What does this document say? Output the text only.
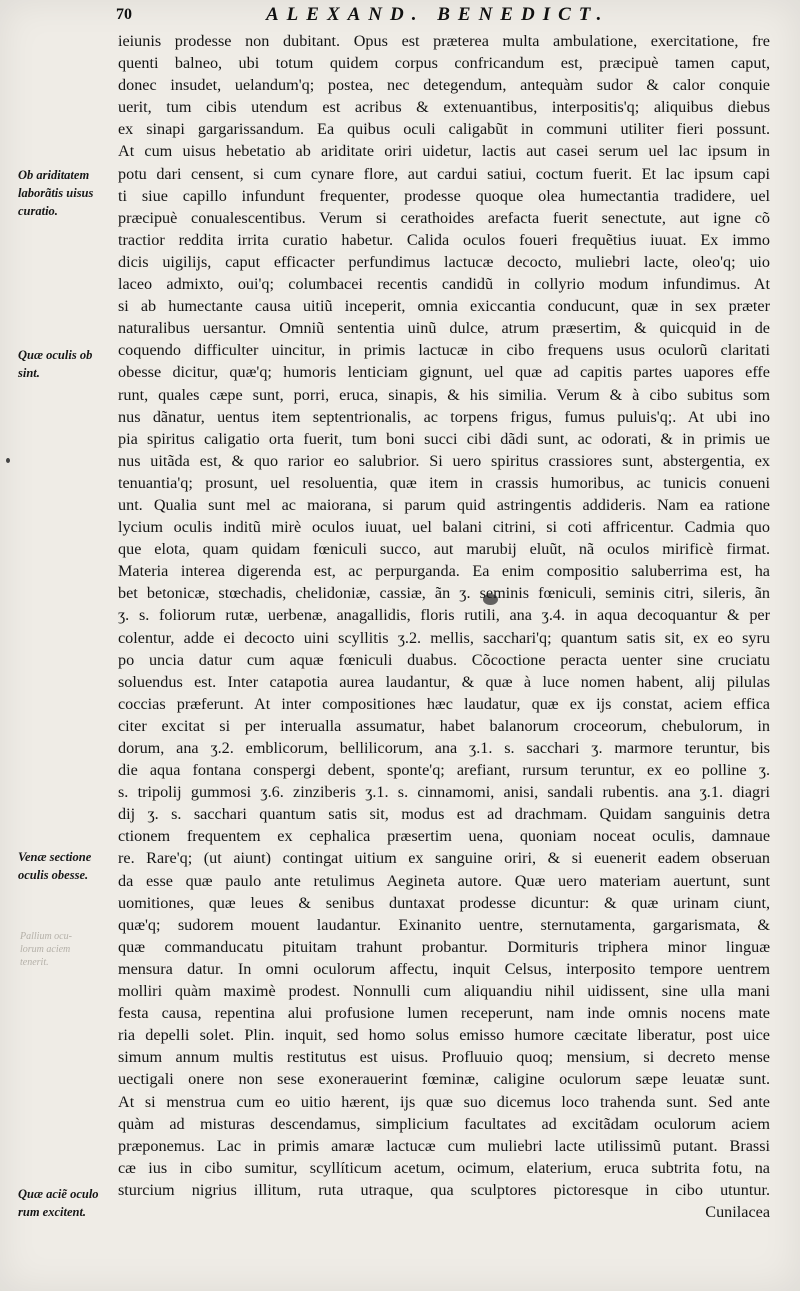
70	ALEXAND. BENEDICT.
Ob ariditatem
laborãtis uisus
curatio.
Quæ oculis ob
sint.
Venæ sectione
oculis obesse.
Quæ aciẽ oculo
rum excitent.
Pallium ocu-
lorum aciem
tenerit.
ieiunis prodesse non dubitant. Opus est præterea multa ambulatione, exercitatione, fre
quenti balneo, ubi totum quidem corpus confricandum est, præcipuè tamen caput,
donec insudet, uelandum'q; postea, nec detegendum, antequàm sudor & calor conquie
uerit, tum cibis utendum est acribus & extenuantibus, interpositis'q; aliquibus diebus
ex sinapi gargarissandum. Ea quibus oculi caligabũt in communi utiliter fieri possunt.
At cum uisus hebetatio ab ariditate oriri uidetur, lactis aut casei serum uel lac ipsum in
potu dari censent, si cum cynare flore, aut cardui satiui, coctum fuerit. Et lac ipsum capi
ti siue capillo infundunt frequenter, prodesse quoque olea humectantia tradidere, uel
præcipuè conualescentibus. Verum si cerathoides arefacta fuerit senectute, aut igne cõ
tractior reddita irrita curatio habetur. Calida oculos foueri frequẽtius iuuat. Ex immo
dicis uigilijs, caput efficacter perfundimus lactucæ decocto, muliebri lacte, oleo'q; uio
laceo admixto, oui'q; columbacei recentis candidũ in collyrio modum infundimus. At
si ab humectante causa uitiũ inceperit, omnia exiccantia conducunt, quæ in sex præter
naturalibus uersantur. Omniũ sententia uinũ dulce, atrum præsertim, & quicquid in de
coquendo difficulter uincitur, in primis lactucæ in cibo frequens usus oculorũ claritati
obesse dicitur, quæ'q; humoris lenticiam gignunt, uel quæ ad capitis partes uapores effe
runt, quales cæpe sunt, porri, eruca, sinapis, & his similia. Verum & à cibo subitus som
nus dãnatur, uentus item septentrionalis, ac torpens frigus, fumus puluis'q;. At ubi ino
pia spiritus caligatio orta fuerit, tum boni succi cibi dãdi sunt, ac odorati, & in primis ue
nus uitãda est, & quo rarior eo salubrior. Si uero spiritus crassiores sunt, abstergentia, ex
tenuantia'q; prosunt, uel resoluentia, quæ item in crassis humoribus, ac tunicis conueni
unt. Qualia sunt mel ac maiorana, si parum quid astringentis addideris. Nam ea ratione
lycium oculis inditũ mirè oculos iuuat, uel balani citrini, si coti affricentur. Cadmia quo
que elota, quam quidam fœniculi succo, aut marubij eluũt, nã oculos mirificè firmat.
Materia interea digerenda est, ac perpurganda. Ea enim compositio saluberrima est, ha
bet betonicæ, stœchadis, chelidoniæ, cassiæ, ãn ʒ. seminis fœniculi, seminis citri, sileris, ãn
ʒ. s. foliorum rutæ, uerbenæ, anagallidis, floris rutili, ana ʒ.4. in aqua decoquantur & per
colentur, adde ei decocto uini scyllitis ʒ.2. mellis, sacchari'q; quantum satis sit, ex eo syru
po uncia datur cum aquæ fœniculi duabus. Cõcoctione peracta uenter sine cruciatu
soluendus est. Inter catapotia aurea laudantur, & quæ à luce nomen habent, alij pilulas
coccias præferunt. At inter compositiones hæc laudatur, quæ ex ijs constat, aciem effica
citer excitat si per interualla assumatur, habet balanorum croceorum, chebulorum, in
dorum, ana ʒ.2. emblicorum, bellilicorum, ana ʒ.1. s. sacchari ʒ. marmore teruntur, bis
die aqua fontana conspergi debent, sponte'q; arefiant, rursum teruntur, ex eo polline ʒ.
s. tripolij gummosi ʒ.6. zinziberis ʒ.1. s. cinnamomi, anisi, sandali rubentis. ana ʒ.1. diagri
dij ʒ. s. sacchari quantum satis sit, modus est ad drachmam. Quidam sanguinis detra
ctionem frequentem ex cephalica præsertim uena, quoniam noceat oculis, damnaue
re. Rare'q; (ut aiunt) contingat uitium ex sanguine oriri, & si euenerit eadem obseruan
da esse quæ paulo ante retulimus Aegineta autore. Quæ uero materiam auertunt, sunt
uomitiones, quæ leues & senibus duntaxat prodesse dicuntur: & quæ urinam ciunt,
quæ'q; sudorem mouent laudantur. Exinanito uentre, sternutamenta, gargarismata, &
quæ commanducatu pituitam trahunt probantur. Dormituris triphera minor linguæ
mensura datur. In omni oculorum affectu, inquit Celsus, interposito tempore uentrem
molliri quàm maximè prodest. Nonnulli cum aliquandiu nihil uidissent, sine ulla mani
festa causa, repentina alui profusione lumen receperunt, nam inde omnis nocens mate
ria depelli solet. Plin. inquit, sed homo solus emisso humore cæcitate liberatur, post uice
simum annum multis restitutus est uisus. Profluuio quoq; mensium, si decreto mense
uectigali onere non sese exonerauerint fœminæ, caligine oculorum sæpe leuatæ sunt.
At si menstrua cum eo uitio hærent, ijs quæ suo dicemus loco trahenda sunt. Sed ante
quàm ad misturas descendamus, simplicium facultates ad excitãdam oculorum aciem
præponemus. Lac in primis amaræ lactucæ cum muliebri lacte utilissimũ putant. Brassi
cæ ius in cibo sumitur, scyllíticum acetum, ocimum, elaterium, eruca subtrita fotu, na
sturcium nigrius illitum, ruta utraque, qua sculptores pictoresque in cibo utuntur.
Cunilacea
